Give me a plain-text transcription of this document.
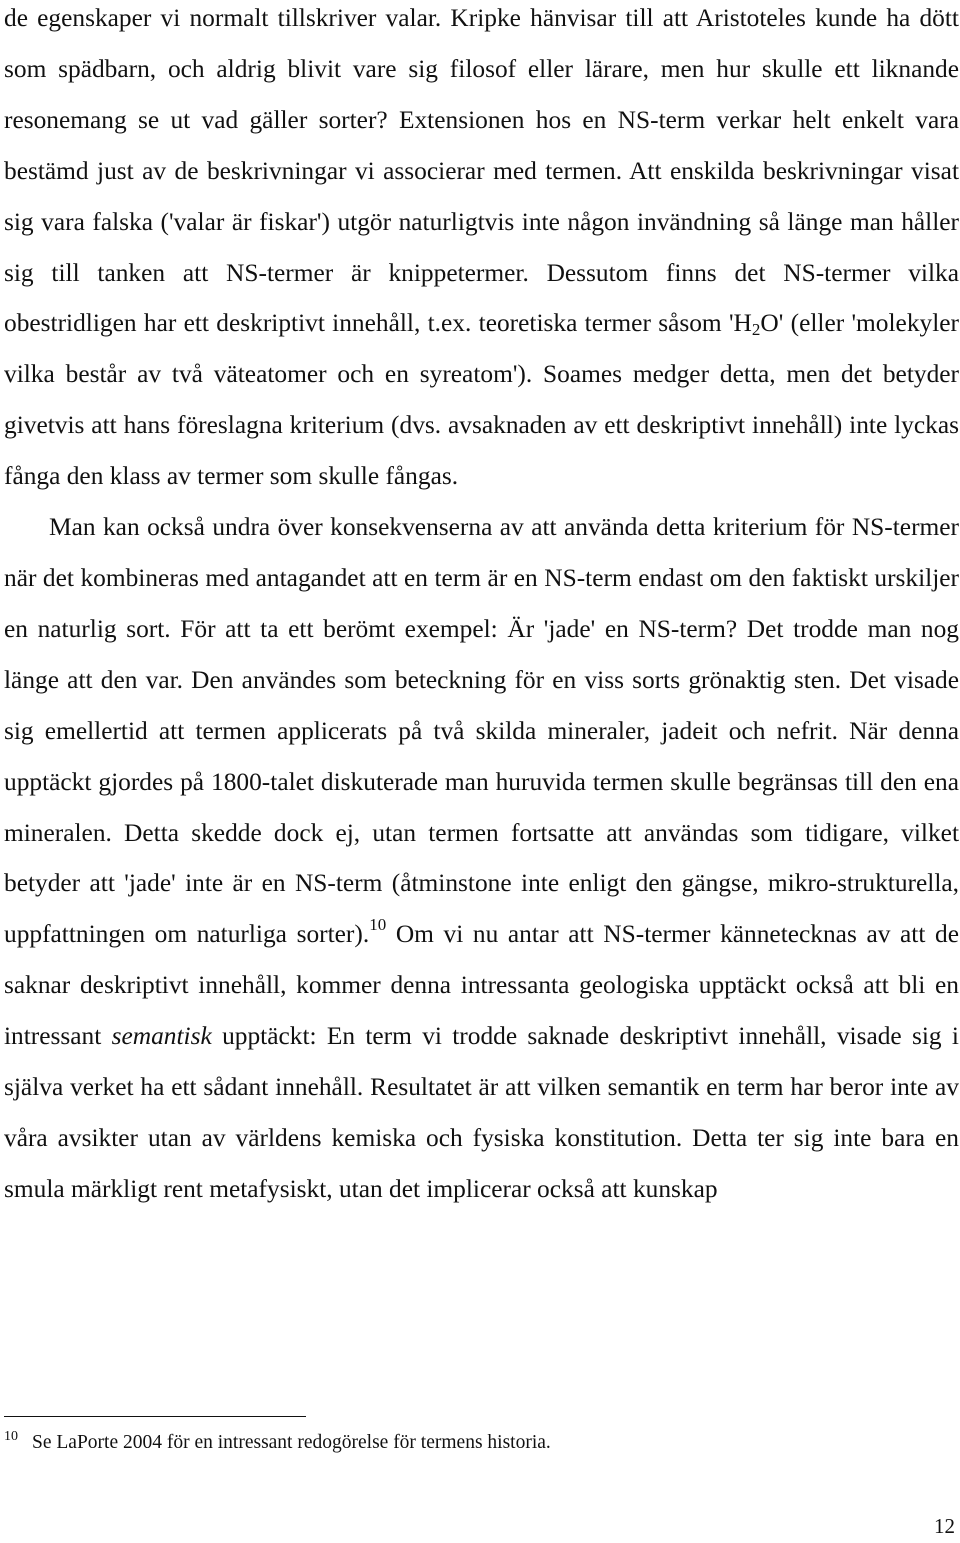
de egenskaper vi normalt tillskriver valar. Kripke hänvisar till att Aristoteles kunde ha dött som spädbarn, och aldrig blivit vare sig filosof eller lärare, men hur skulle ett liknande resonemang se ut vad gäller sorter? Extensionen hos en NS-term verkar helt enkelt vara bestämd just av de beskrivningar vi associerar med termen. Att enskilda beskrivningar visat sig vara falska ('valar är fiskar') utgör naturligtvis inte någon invändning så länge man håller sig till tanken att NS-termer är knippetermer. Dessutom finns det NS-termer vilka obestridligen har ett deskriptivt innehåll, t.ex. teoretiska termer såsom '$H_2O$' (eller 'molekyler vilka består av två väteatomer och en syreatom'). Soames medger detta, men det betyder givetvis att hans föreslagna kriterium (dvs. avsaknaden av ett deskriptivt innehåll) inte lyckas fånga den klass av termer som skulle fångas.

Man kan också undra över konsekvenserna av att använda detta kriterium för NS-termer när det kombineras med antagandet att en term är en NS-term endast om den faktiskt urskiljer en naturlig sort. För att ta ett berömt exempel: Är 'jade' en NS-term? Det trodde man nog länge att den var. Den användes som beteckning för en viss sorts grönaktig sten. Det visade sig emellertid att termen applicerats på två skilda mineraler, jadeit och nefrit. När denna upptäckt gjordes på 1800-talet diskuterade man huruvida termen skulle begränsas till den ena mineralen. Detta skedde dock ej, utan termen fortsatte att användas som tidigare, vilket betyder att 'jade' inte är en NS-term (åtminstone inte enligt den gängse, mikro-strukturella, uppfattningen om naturliga sorter).$^{10}$ Om vi nu antar att NS-termer kännetecknas av att de saknar deskriptivt innehåll, kommer denna intressanta geologiska upptäckt också att bli en intressant semantisk upptäckt: En term vi trodde saknade deskriptivt innehåll, visade sig i själva verket ha ett sådant innehåll. Resultatet är att vilken semantik en term har beror inte av våra avsikter utan av världens kemiska och fysiska konstitution. Detta ter sig inte bara en smula märkligt rent metafysiskt, utan det implicerar också att kunskap

$^{10}$ Se LaPorte 2004 för en intressant redogörelse för termens historia.
12
